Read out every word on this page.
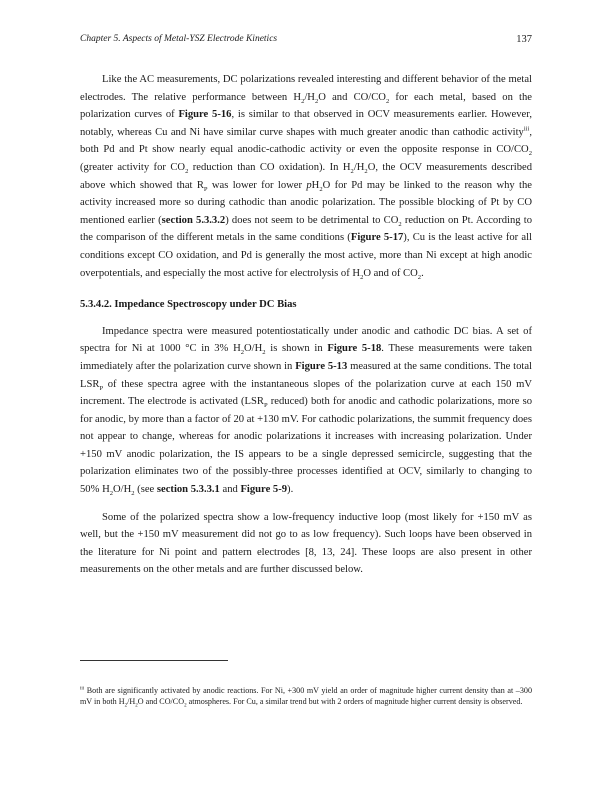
Chapter 5. Aspects of Metal-YSZ Electrode Kinetics	137

Like the AC measurements, DC polarizations revealed interesting and different behavior of the metal electrodes. The relative performance between $H_2/H_2O$ and $CO/CO_2$ for each metal, based on the polarization curves of Figure 5-16, is similar to that observed in OCV measurements earlier. However, notably, whereas Cu and Ni have similar curve shapes with much greater anodic than cathodic activity$^{iii}$, both Pd and Pt show nearly equal anodic-cathodic activity or even the opposite response in $CO/CO_2$ (greater activity for $CO_2$ reduction than CO oxidation). In $H_2/H_2O$, the OCV measurements described above which showed that $R_P$ was lower for lower $pH_2O$ for Pd may be linked to the reason why the activity increased more so during cathodic than anodic polarization. The possible blocking of Pt by CO mentioned earlier (section 5.3.3.2) does not seem to be detrimental to $CO_2$ reduction on Pt. According to the comparison of the different metals in the same conditions (Figure 5-17), Cu is the least active for all conditions except CO oxidation, and Pd is generally the most active, more than Ni except at high anodic overpotentials, and especially the most active for electrolysis of $H_2O$ and of $CO_2$.

5.3.4.2. Impedance Spectroscopy under DC Bias

Impedance spectra were measured potentiostatically under anodic and cathodic DC bias. A set of spectra for Ni at 1000 °C in 3% $H_2O/H_2$ is shown in Figure 5-18. These measurements were taken immediately after the polarization curve shown in Figure 5-13 measured at the same conditions. The total $LSR_P$ of these spectra agree with the instantaneous slopes of the polarization curve at each 150 mV increment. The electrode is activated ($LSR_P$ reduced) both for anodic and cathodic polarizations, more so for anodic, by more than a factor of 20 at +130 mV. For cathodic polarizations, the summit frequency does not appear to change, whereas for anodic polarizations it increases with increasing polarization. Under +150 mV anodic polarization, the IS appears to be a single depressed semicircle, suggesting that the polarization eliminates two of the possibly-three processes identified at OCV, similarly to changing to 50% $H_2O/H_2$ (see section 5.3.3.1 and Figure 5-9).

Some of the polarized spectra show a low-frequency inductive loop (most likely for +150 mV as well, but the +150 mV measurement did not go to as low frequency). Such loops have been observed in the literature for Ni point and pattern electrodes [8, 13, 24]. These loops are also present in other measurements on the other metals and are further discussed below.

$^{iii}$ Both are significantly activated by anodic reactions. For Ni, +300 mV yield an order of magnitude higher current density than at –300 mV in both $H_2/H_2O$ and $CO/CO_2$ atmospheres. For Cu, a similar trend but with 2 orders of magnitude higher current density is observed.
